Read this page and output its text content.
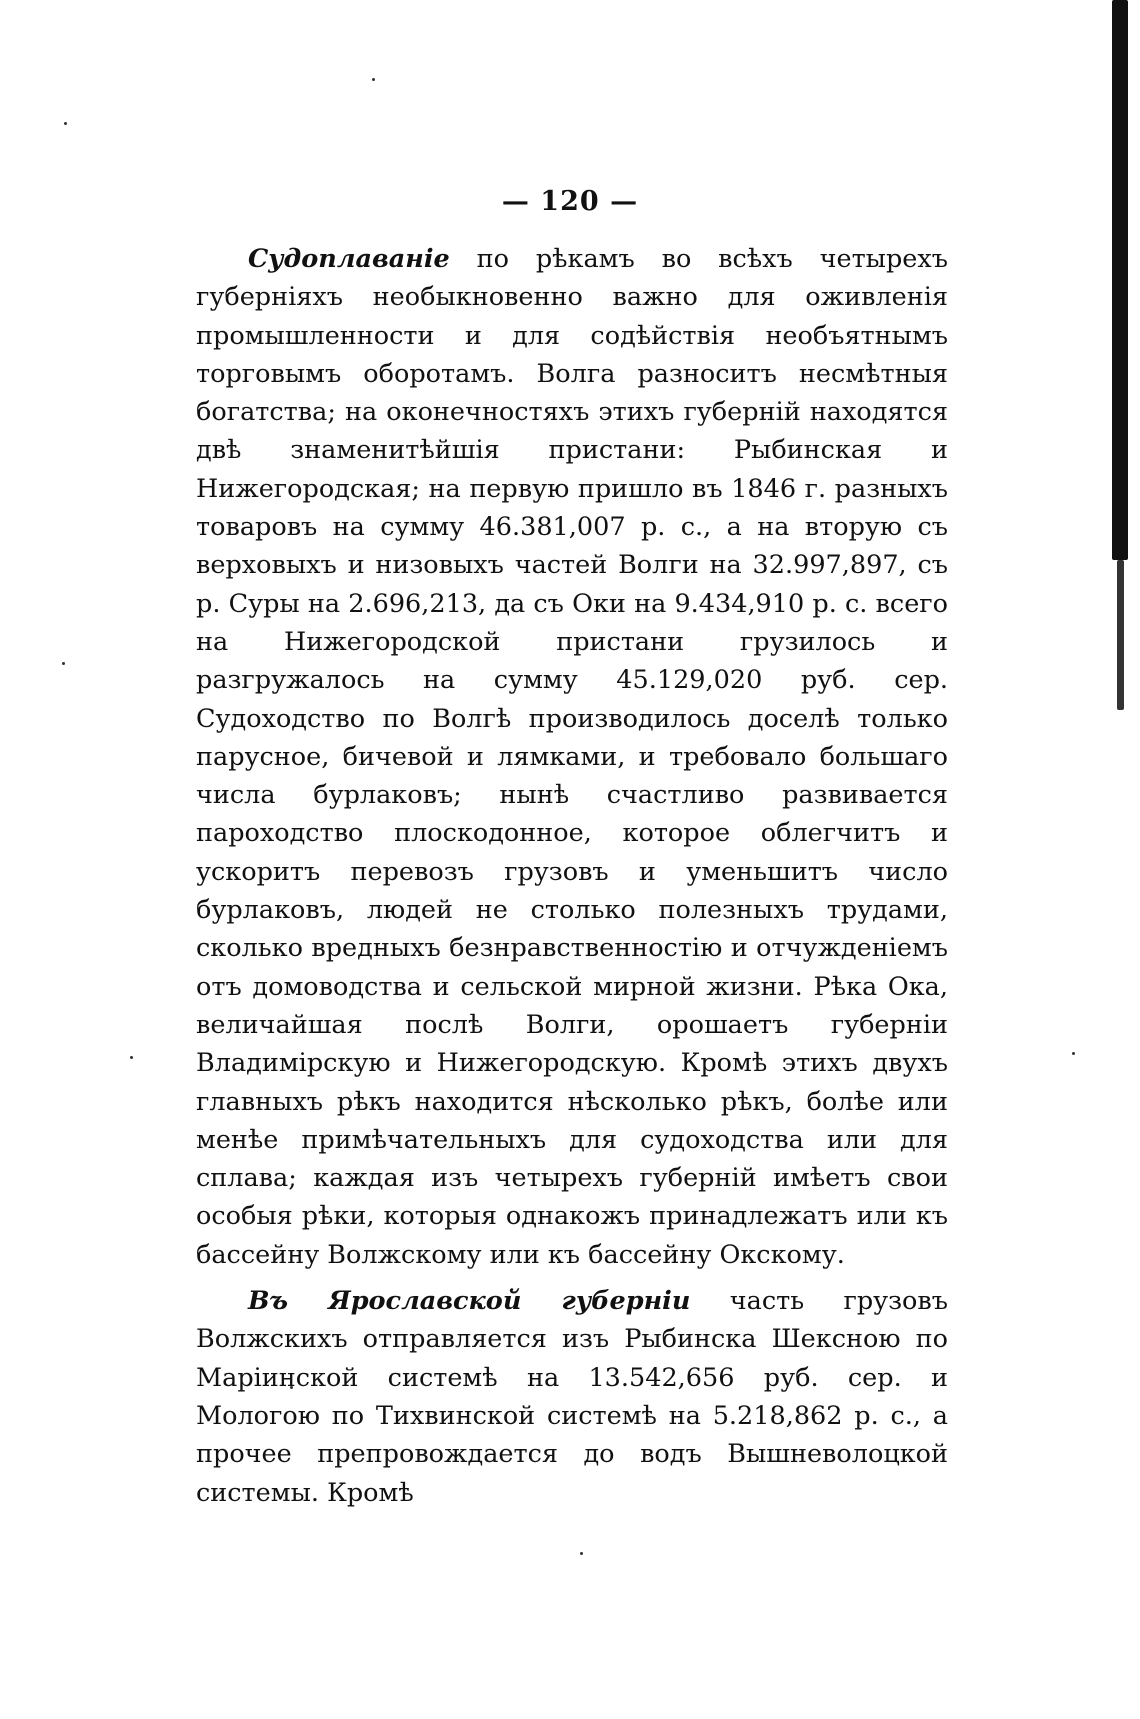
— 120 —

Судоплаваніе по рѣкамъ во всѣхъ четырехъ губерніяхъ необыкновенно важно для оживленія промышленности и для содѣйствія необъятнымъ торговымъ оборотамъ. Волга разноситъ несмѣтныя богатства; на оконечностяхъ этихъ губерній находятся двѣ знаменитѣйшія пристани: Рыбинская и Нижегородская; на первую пришло въ 1846 г. разныхъ товаровъ на сумму 46.381,007 р. с., а на вторую съ верховыхъ и низовыхъ частей Волги на 32.997,897, съ р. Суры на 2.696,213, да съ Оки на 9.434,910 р. с. всего на Нижегородской пристани грузилось и разгружалось на сумму 45.129,020 руб. сер. Судоходство по Волгѣ производилось доселѣ только парусное, бичевой и лямками, и требовало большаго числа бурлаковъ; нынѣ счастливо развивается пароходство плоскодонное, которое облегчитъ и ускоритъ перевозъ грузовъ и уменьшитъ число бурлаковъ, людей не столько полезныхъ трудами, сколько вредныхъ безнравственностію и отчужденіемъ отъ домоводства и сельской мирной жизни. Рѣка Ока, величайшая послѣ Волги, орошаетъ губерніи Владимірскую и Нижегородскую. Кромѣ этихъ двухъ главныхъ рѣкъ находится нѣсколько рѣкъ, болѣе или менѣе примѣчательныхъ для судоходства или для сплава; каждая изъ четырехъ губерній имѣетъ свои особыя рѣки, которыя однакожъ принадлежатъ или къ бассейну Волжскому или къ бассейну Окскому.

Въ Ярославской губерніи часть грузовъ Волжскихъ отправляется изъ Рыбинска Шексною по Маріинской системѣ на 13.542,656 руб. сер. и Мологою по Тихвинской системѣ на 5.218,862 р. с., а прочее препровождается до водъ Вышневолоцкой системы. Кромѣ
